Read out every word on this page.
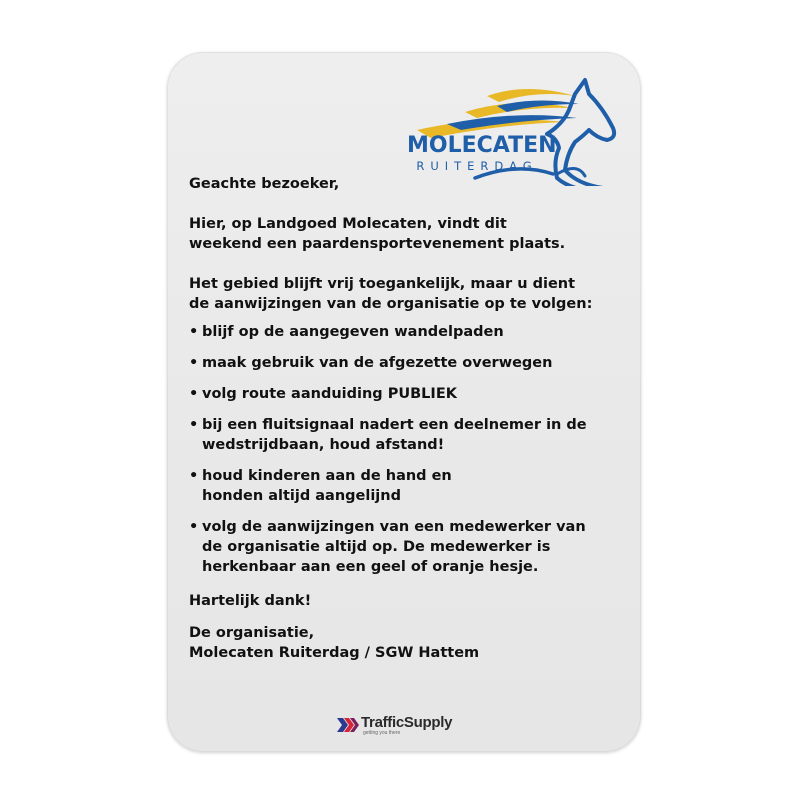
MOLECATEN
RUITERDAG

Geachte bezoeker,

Hier, op Landgoed Molecaten, vindt dit
weekend een paardensportevenement plaats.

Het gebied blijft vrij toegankelijk, maar u dient
de aanwijzingen van de organisatie op te volgen:

• blijf op de aangegeven wandelpaden
• maak gebruik van de afgezette overwegen
• volg route aanduiding PUBLIEK
• bij een fluitsignaal nadert een deelnemer in de
wedstrijdbaan, houd afstand!
• houd kinderen aan de hand en
honden altijd aangelijnd
• volg de aanwijzingen van een medewerker van
de organisatie altijd op. De medewerker is
herkenbaar aan een geel of oranje hesje.

Hartelijk dank!

De organisatie,
Molecaten Ruiterdag / SGW Hattem

TrafficSupply
getting you there
